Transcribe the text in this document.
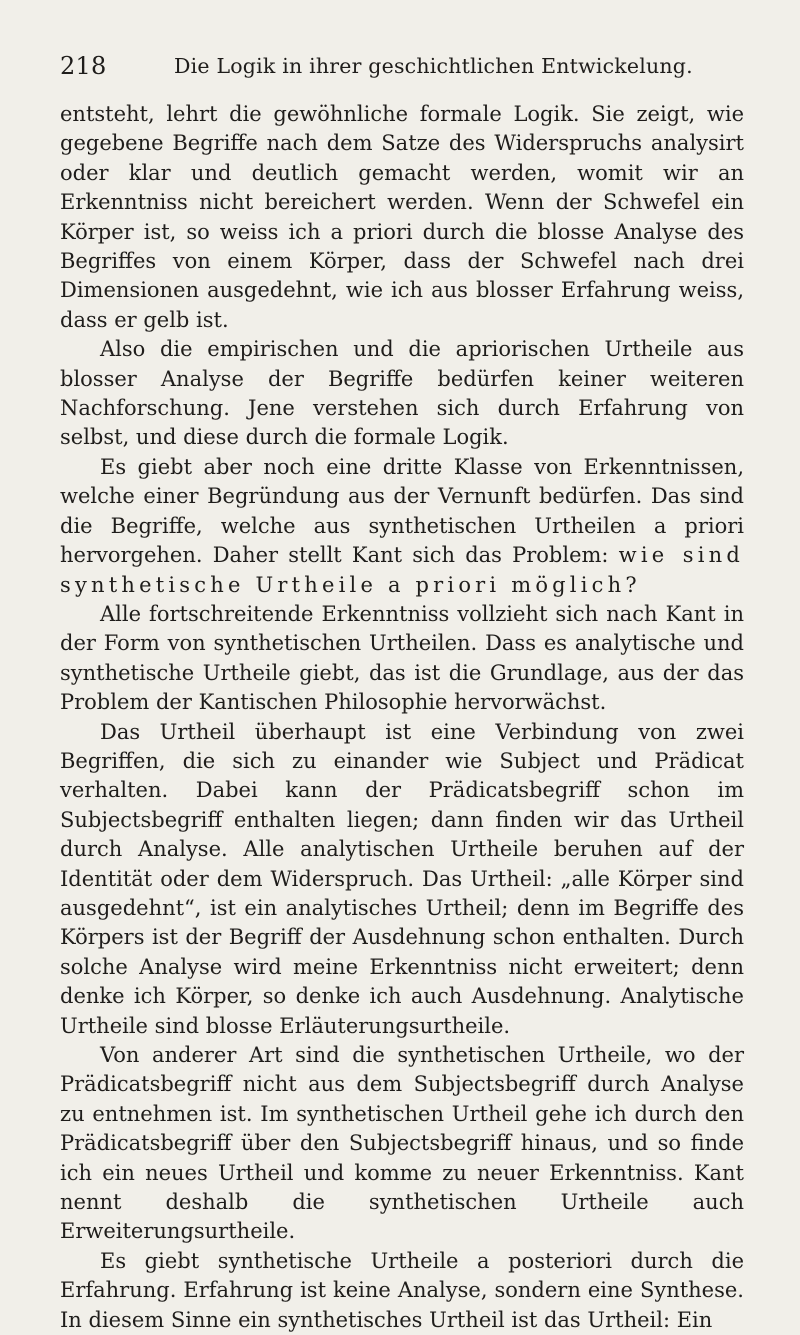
218	Die Logik in ihrer geschichtlichen Entwickelung.

entsteht, lehrt die gewöhnliche formale Logik. Sie zeigt, wie gegebene Begriffe nach dem Satze des Widerspruchs analysirt oder klar und deutlich gemacht werden, womit wir an Erkenntniss nicht bereichert werden. Wenn der Schwefel ein Körper ist, so weiss ich a priori durch die blosse Analyse des Begriffes von einem Körper, dass der Schwefel nach drei Dimensionen ausgedehnt, wie ich aus blosser Erfahrung weiss, dass er gelb ist.

Also die empirischen und die apriorischen Urtheile aus blosser Analyse der Begriffe bedürfen keiner weiteren Nachforschung. Jene verstehen sich durch Erfahrung von selbst, und diese durch die formale Logik.

Es giebt aber noch eine dritte Klasse von Erkenntnissen, welche einer Begründung aus der Vernunft bedürfen. Das sind die Begriffe, welche aus synthetischen Urtheilen a priori hervorgehen. Daher stellt Kant sich das Problem: wie sind synthetische Urtheile a priori möglich?

Alle fortschreitende Erkenntniss vollzieht sich nach Kant in der Form von synthetischen Urtheilen. Dass es analytische und synthetische Urtheile giebt, das ist die Grundlage, aus der das Problem der Kantischen Philosophie hervorwächst.

Das Urtheil überhaupt ist eine Verbindung von zwei Begriffen, die sich zu einander wie Subject und Prädicat verhalten. Dabei kann der Prädicatsbegriff schon im Subjectsbegriff enthalten liegen; dann finden wir das Urtheil durch Analyse. Alle analytischen Urtheile beruhen auf der Identität oder dem Widerspruch. Das Urtheil: „alle Körper sind ausgedehnt“, ist ein analytisches Urtheil; denn im Begriffe des Körpers ist der Begriff der Ausdehnung schon enthalten. Durch solche Analyse wird meine Erkenntniss nicht erweitert; denn denke ich Körper, so denke ich auch Ausdehnung. Analytische Urtheile sind blosse Erläuterungsurtheile.

Von anderer Art sind die synthetischen Urtheile, wo der Prädicatsbegriff nicht aus dem Subjectsbegriff durch Analyse zu entnehmen ist. Im synthetischen Urtheil gehe ich durch den Prädicatsbegriff über den Subjectsbegriff hinaus, und so finde ich ein neues Urtheil und komme zu neuer Erkenntniss. Kant nennt deshalb die synthetischen Urtheile auch Erweiterungsurtheile.

Es giebt synthetische Urtheile a posteriori durch die Erfahrung. Erfahrung ist keine Analyse, sondern eine Synthese. In diesem Sinne ein synthetisches Urtheil ist das Urtheil: Ein
